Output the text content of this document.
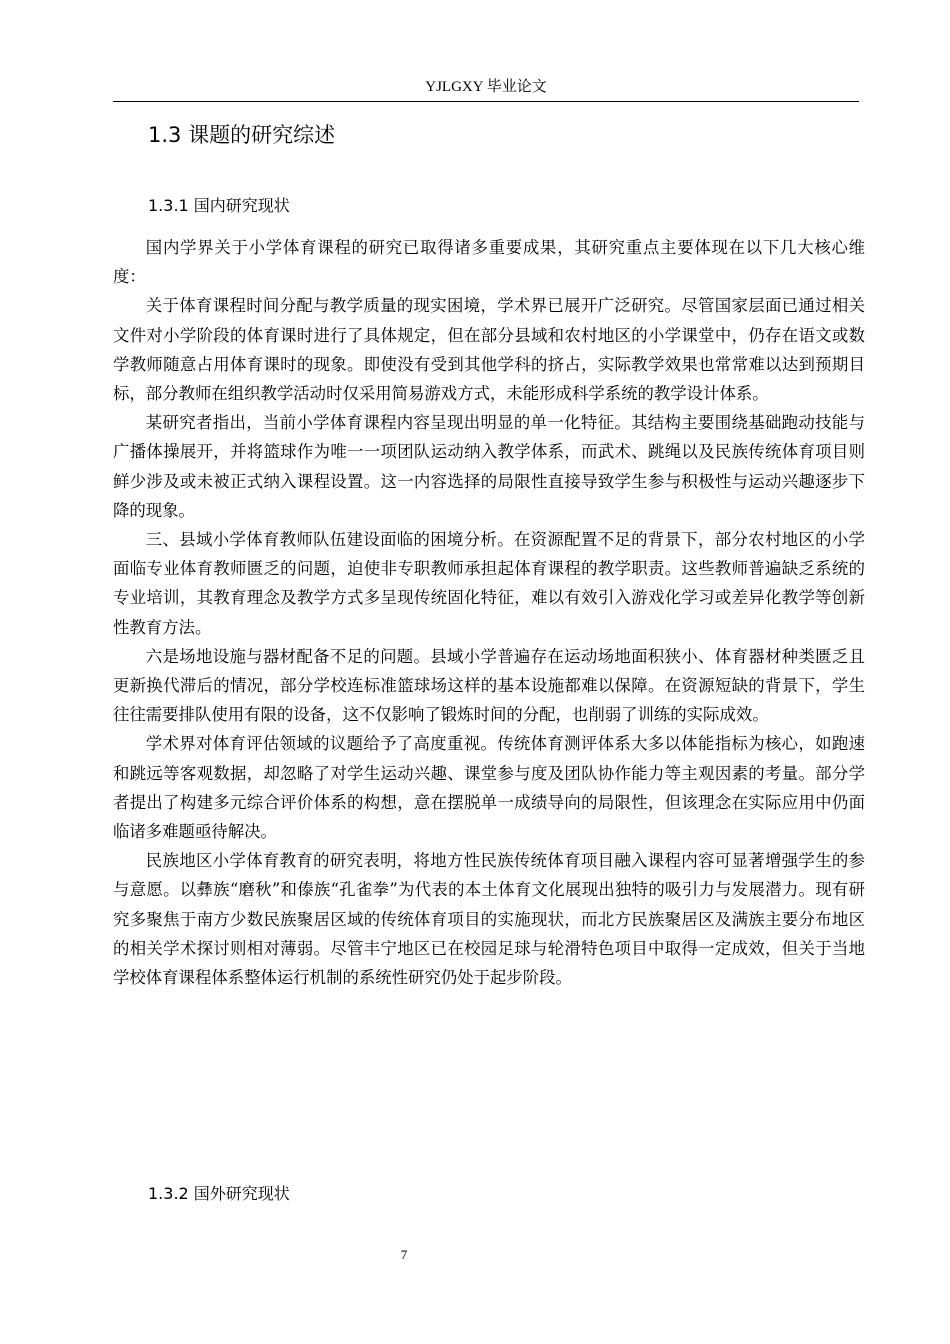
YJLGXY 毕业论文
1.3 课题的研究综述
1.3.1 国内研究现状

国内学界关于小学体育课程的研究已取得诸多重要成果，其研究重点主要体现在以下几大核心维度：

关于体育课程时间分配与教学质量的现实困境，学术界已展开广泛研究。尽管国家层面已通过相关文件对小学阶段的体育课时进行了具体规定，但在部分县域和农村地区的小学课堂中，仍存在语文或数学教师随意占用体育课时的现象。即使没有受到其他学科的挤占，实际教学效果也常常难以达到预期目标，部分教师在组织教学活动时仅采用简易游戏方式，未能形成科学系统的教学设计体系。

某研究者指出，当前小学体育课程内容呈现出明显的单一化特征。其结构主要围绕基础跑动技能与广播体操展开，并将篮球作为唯一一项团队运动纳入教学体系，而武术、跳绳以及民族传统体育项目则鲜少涉及或未被正式纳入课程设置。这一内容选择的局限性直接导致学生参与积极性与运动兴趣逐步下降的现象。

三、县域小学体育教师队伍建设面临的困境分析。在资源配置不足的背景下，部分农村地区的小学面临专业体育教师匮乏的问题，迫使非专职教师承担起体育课程的教学职责。这些教师普遍缺乏系统的专业培训，其教育理念及教学方式多呈现传统固化特征，难以有效引入游戏化学习或差异化教学等创新性教育方法。

六是场地设施与器材配备不足的问题。县域小学普遍存在运动场地面积狭小、体育器材种类匮乏且更新换代滞后的情况，部分学校连标准篮球场这样的基本设施都难以保障。在资源短缺的背景下，学生往往需要排队使用有限的设备，这不仅影响了锻炼时间的分配，也削弱了训练的实际成效。

学术界对体育评估领域的议题给予了高度重视。传统体育测评体系大多以体能指标为核心，如跑速和跳远等客观数据，却忽略了对学生运动兴趣、课堂参与度及团队协作能力等主观因素的考量。部分学者提出了构建多元综合评价体系的构想，意在摆脱单一成绩导向的局限性，但该理念在实际应用中仍面临诸多难题亟待解决。

民族地区小学体育教育的研究表明，将地方性民族传统体育项目融入课程内容可显著增强学生的参与意愿。以彝族“磨秋”和傣族“孔雀拳”为代表的本土体育文化展现出独特的吸引力与发展潜力。现有研究多聚焦于南方少数民族聚居区域的传统体育项目的实施现状，而北方民族聚居区及满族主要分布地区的相关学术探讨则相对薄弱。尽管丰宁地区已在校园足球与轮滑特色项目中取得一定成效，但关于当地学校体育课程体系整体运行机制的系统性研究仍处于起步阶段。

1.3.2 国外研究现状
7
